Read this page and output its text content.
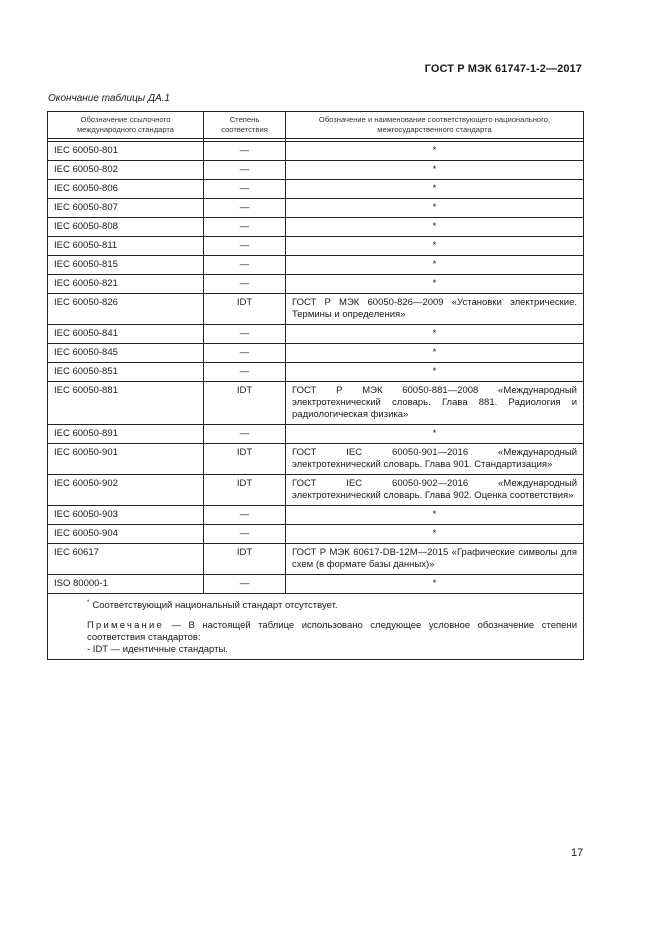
ГОСТ Р МЭК 61747-1-2—2017
Окончание таблицы ДА.1
Обозначение ссылочного международного стандарта	Степень соответствия	Обозначение и наименование соответствующего национального, межгосударственного стандарта

IEC 60050-801	—	*
IEC 60050-802	—	*
IEC 60050-806	—	*
IEC 60050-807	—	*
IEC 60050-808	—	*
IEC 60050-811	—	*
IEC 60050-815	—	*
IEC 60050-821	—	*
IEC 60050-826	IDT	ГОСТ Р МЭК 60050-826—2009 «Установки электрические. Термины и определения»
IEC 60050-841	—	*
IEC 60050-845	—	*
IEC 60050-851	—	*
IEC 60050-881	IDT	ГОСТ Р МЭК 60050-881—2008 «Международный электротехнический словарь. Глава 881. Радиология и радиологическая физика»
IEC 60050-891	—	*
IEC 60050-901	IDT	ГОСТ IEC 60050-901—2016 «Международный электротехнический словарь. Глава 901. Стандартизация»
IEC 60050-902	IDT	ГОСТ IEC 60050-902—2016 «Международный электротехнический словарь. Глава 902. Оценка соответствия»
IEC 60050-903	—	*
IEC 60050-904	—	*
IEC 60617	IDT	ГОСТ Р МЭК 60617-DB-12M—2015 «Графические символы для схем (в формате базы данных)»
ISO 80000-1	—	*

* Соответствующий национальный стандарт отсутствует.
Примечание — В настоящей таблице использовано следующее условное обозначение степени соответствия стандартов:
- IDT — идентичные стандарты.		
17
